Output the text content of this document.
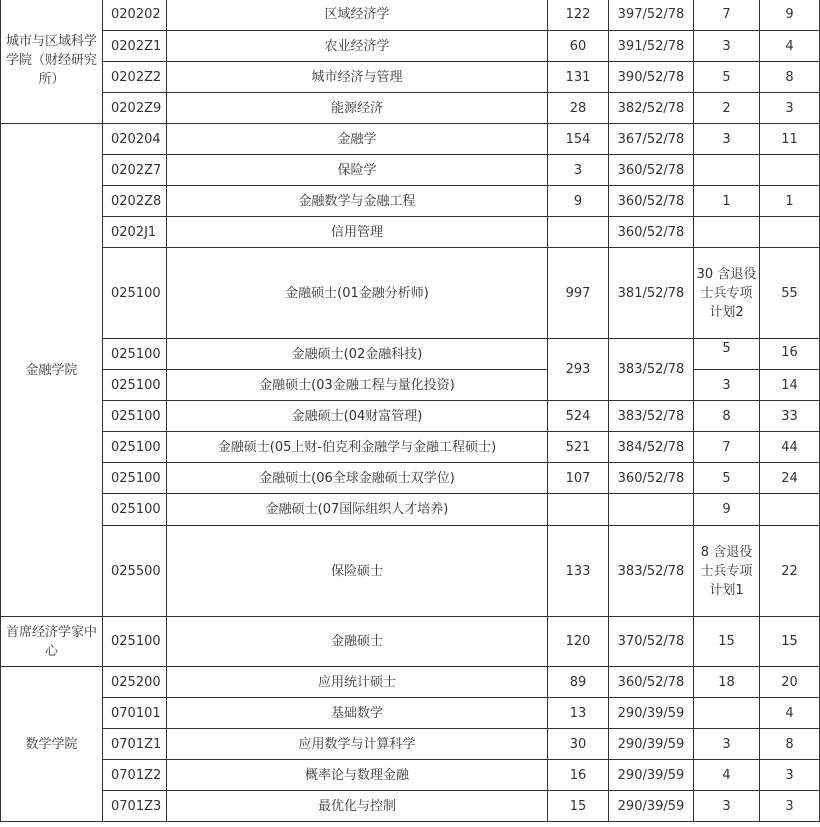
城市与区域科学学院（财经研究所）	020202	区域经济学	122	397/52/78	7	9
	0202Z1	农业经济学	60	391/52/78	3	4
	0202Z2	城市经济与管理	131	390/52/78	5	8
	0202Z9	能源经济	28	382/52/78	2	3
金融学院	020204	金融学	154	367/52/78	3	11
	0202Z7	保险学	3	360/52/78		
	0202Z8	金融数学与金融工程	9	360/52/78	1	1
	0202J1	信用管理		360/52/78		
	025100	金融硕士(01金融分析师)	997	381/52/78	30 含退役士兵专项计划2	55
	025100	金融硕士(02金融科技)	293	383/52/78	5	16
	025100	金融硕士(03金融工程与量化投资)			3	14
	025100	金融硕士(04财富管理)	524	383/52/78	8	33
	025100	金融硕士(05上财-伯克利金融学与金融工程硕士)	521	384/52/78	7	44
	025100	金融硕士(06全球金融硕士双学位)	107	360/52/78	5	24
	025100	金融硕士(07国际组织人才培养)			9	
	025500	保险硕士	133	383/52/78	8 含退役士兵专项计划1	22
首席经济学家中心	025100	金融硕士	120	370/52/78	15	15
数学学院	025200	应用统计硕士	89	360/52/78	18	20
	070101	基础数学	13	290/39/59		4
	0701Z1	应用数学与计算科学	30	290/39/59	3	8
	0701Z2	概率论与数理金融	16	290/39/59	4	3
	0701Z3	最优化与控制	15	290/39/59	3	3
